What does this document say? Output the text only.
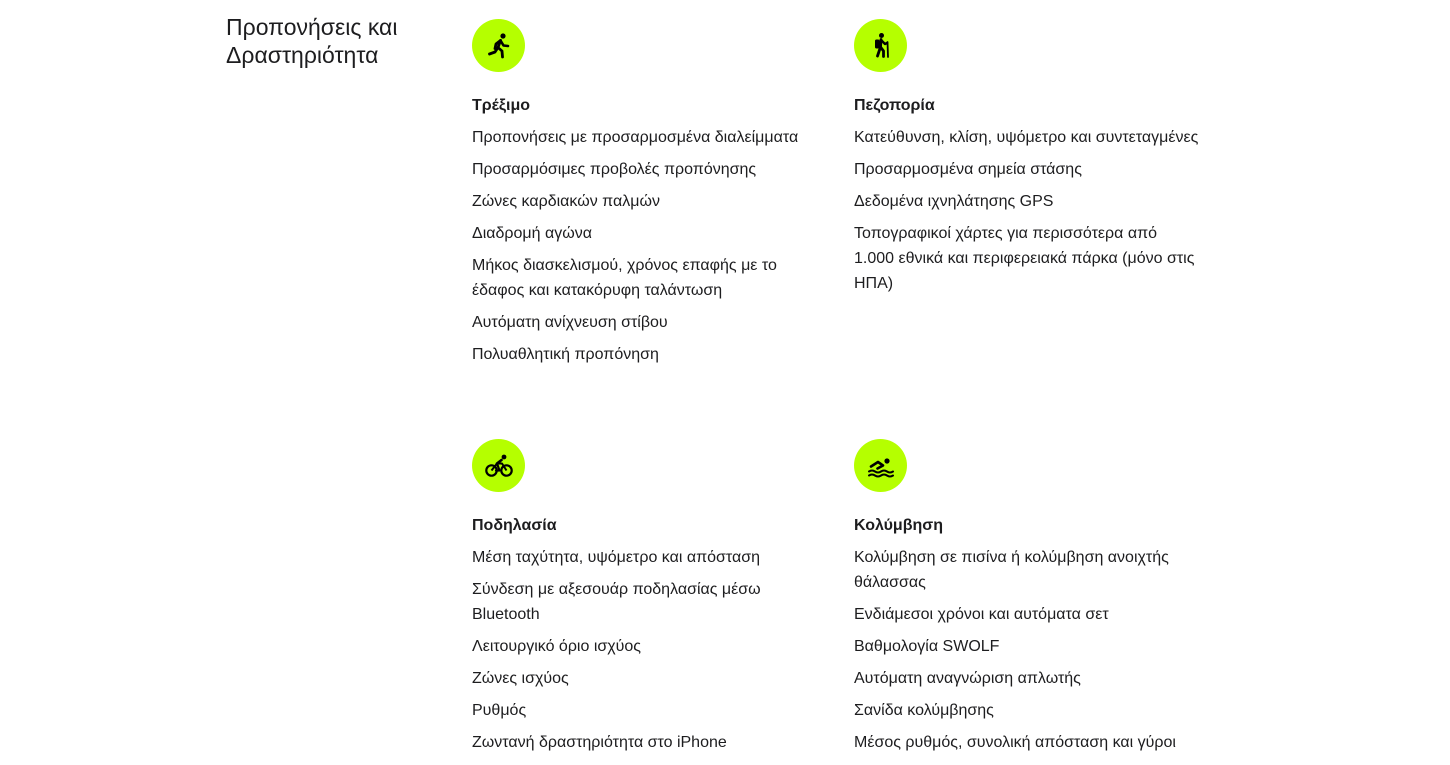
Προπονήσεις και Δραστηριότητα
Τρέξιμο
Προπονήσεις με προσαρμοσμένα διαλείμματα
Προσαρμόσιμες προβολές προπόνησης
Ζώνες καρδιακών παλμών
Διαδρομή αγώνα
Μήκος διασκελισμού, χρόνος επαφής με το έδαφος και κατακόρυφη ταλάντωση
Αυτόματη ανίχνευση στίβου
Πολυαθλητική προπόνηση
Πεζοπορία
Κατεύθυνση, κλίση, υψόμετρο και συντεταγμένες
Προσαρμοσμένα σημεία στάσης
Δεδομένα ιχνηλάτησης GPS
Τοπογραφικοί χάρτες για περισσότερα από 1.000 εθνικά και περιφερειακά πάρκα (μόνο στις ΗΠΑ)
Ποδηλασία
Μέση ταχύτητα, υψόμετρο και απόσταση
Σύνδεση με αξεσουάρ ποδηλασίας μέσω Bluetooth
Λειτουργικό όριο ισχύος
Ζώνες ισχύος
Ρυθμός
Ζωντανή δραστηριότητα στο iPhone
Κολύμβηση
Κολύμβηση σε πισίνα ή κολύμβηση ανοιχτής θάλασσας
Ενδιάμεσοι χρόνοι και αυτόματα σετ
Βαθμολογία SWOLF
Αυτόματη αναγνώριση απλωτής
Σανίδα κολύμβησης
Μέσος ρυθμός, συνολική απόσταση και γύροι
